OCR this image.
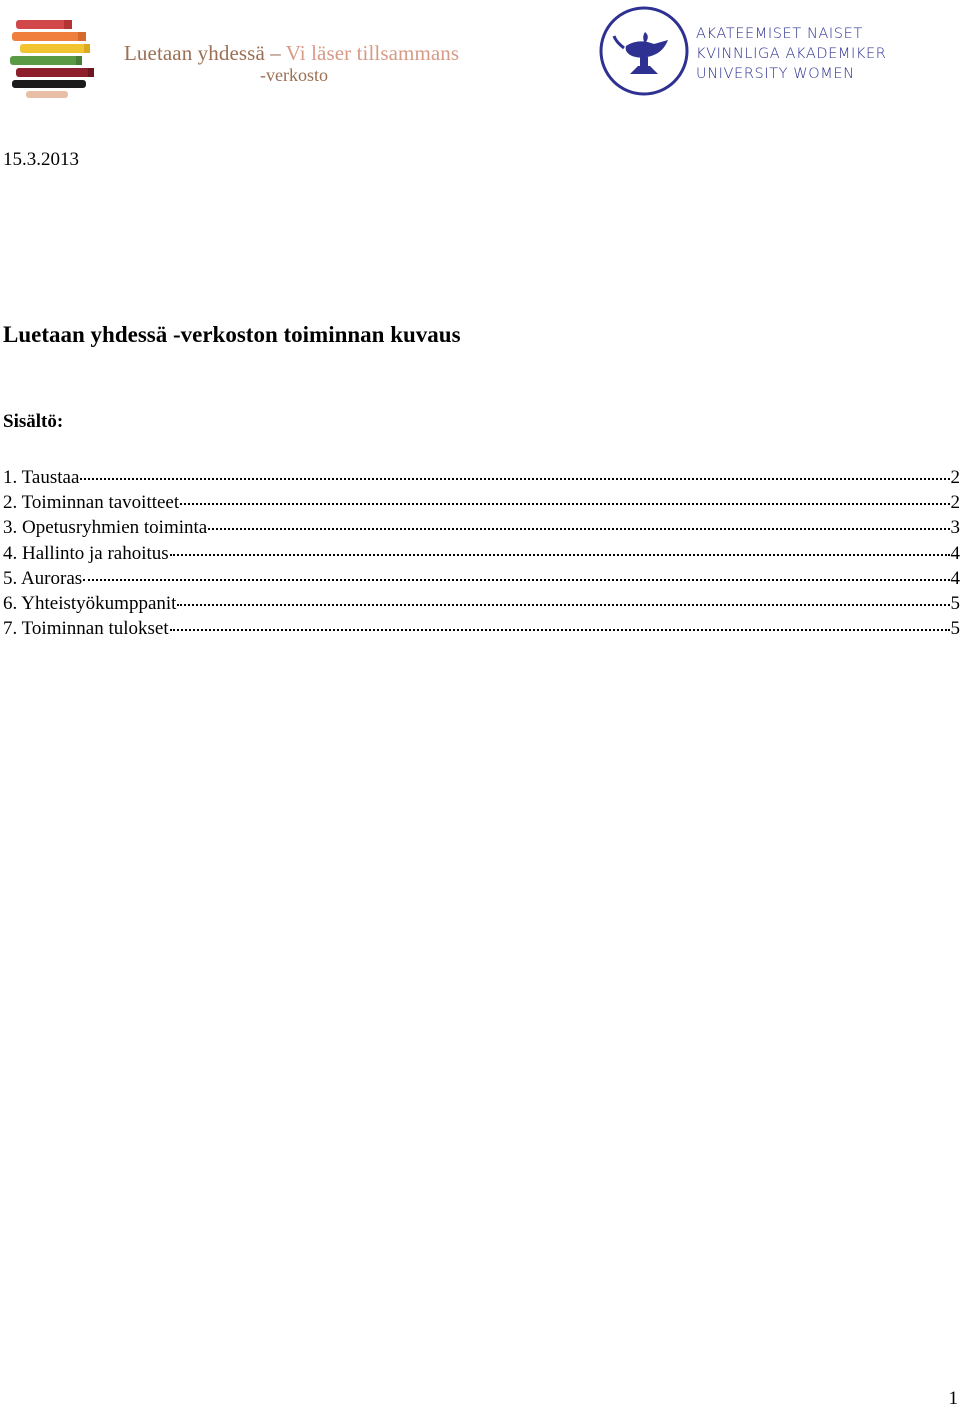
Luetaan yhdessä – Vi läser tillsammans
-verkosto
AKATEEMISET NAISET
KVINNLIGA AKADEMIKER
UNIVERSITY WOMEN
15.3.2013
Luetaan yhdessä -verkoston toiminnan kuvaus
Sisältö:
1. Taustaa	2
2. Toiminnan tavoitteet	2
3. Opetusryhmien toiminta	3
4. Hallinto ja rahoitus	4
5. Auroras	4
6. Yhteistyökumppanit	5
7. Toiminnan tulokset	5
1
